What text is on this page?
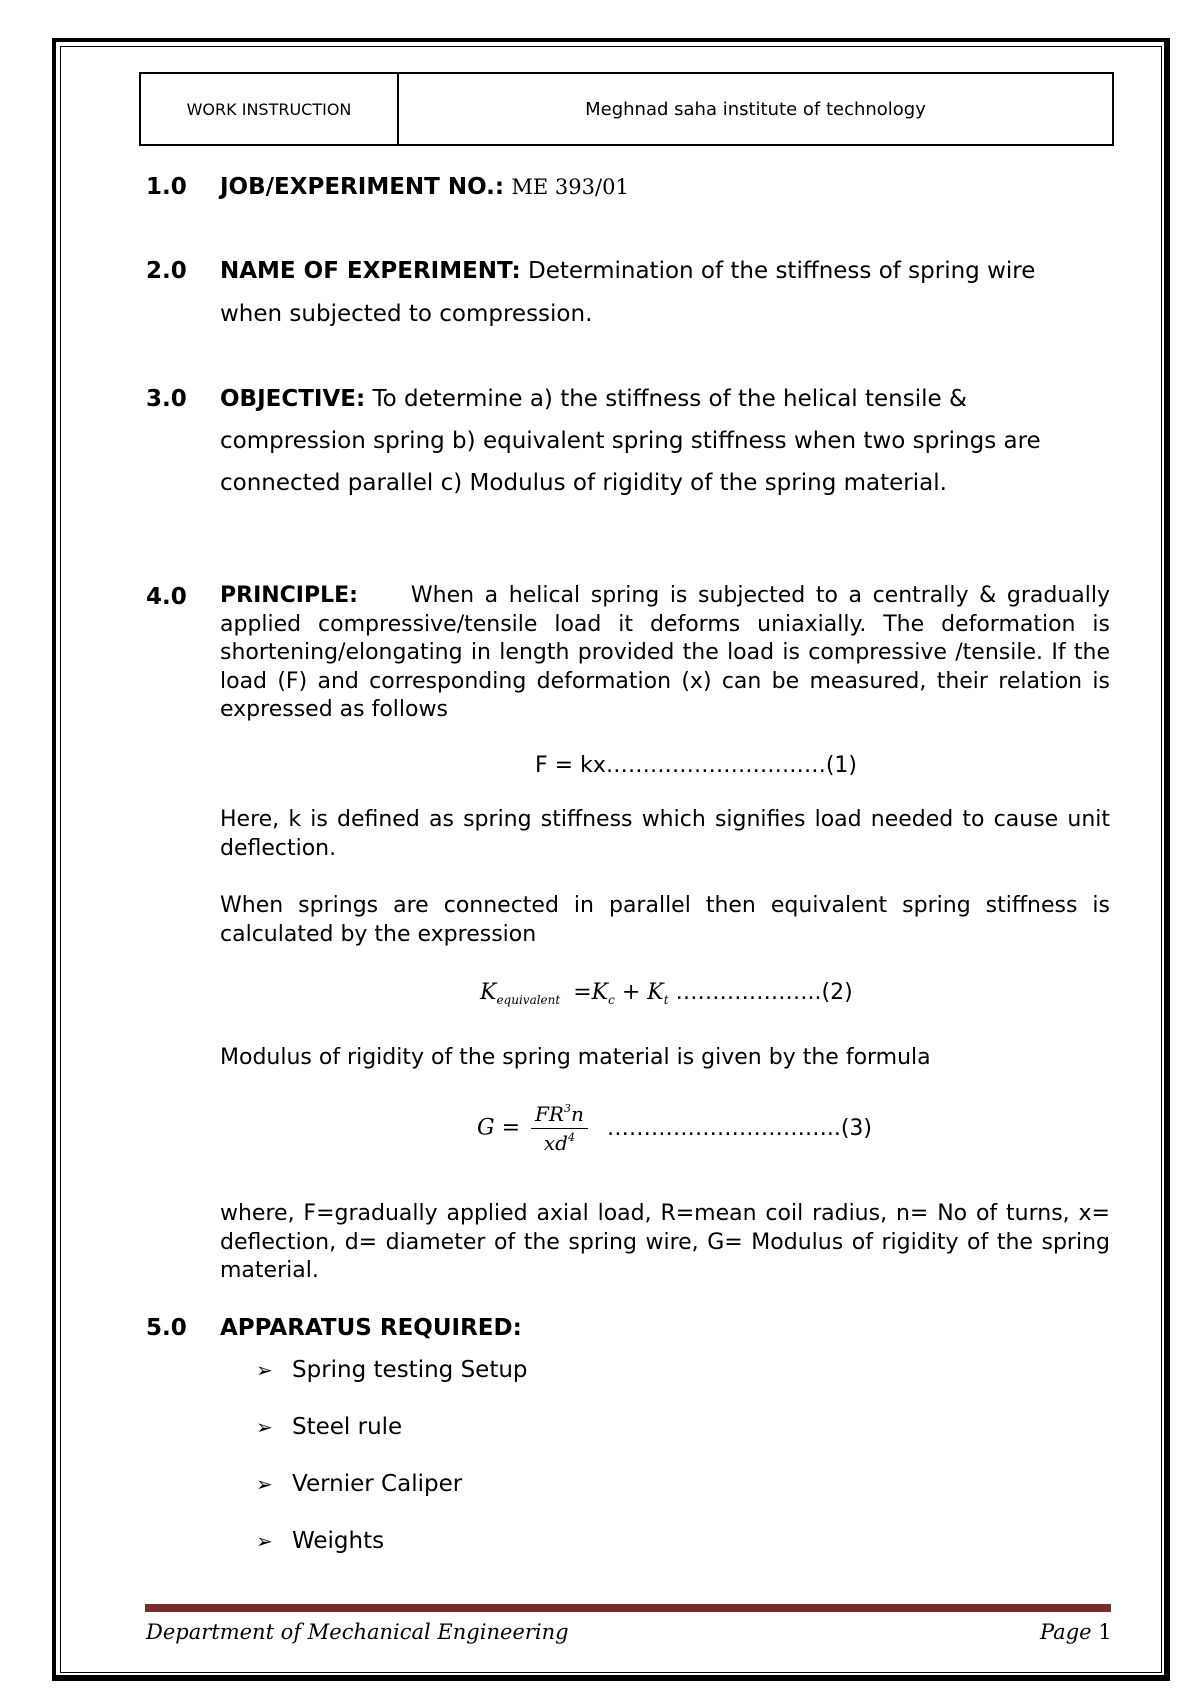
WORK INSTRUCTION	Meghnad saha institute of technology
1.0 JOB/EXPERIMENT NO.: ME 393/01
2.0 NAME OF EXPERIMENT: Determination of the stiffness of spring wire
when subjected to compression.
3.0 OBJECTIVE: To determine a) the stiffness of the helical tensile &
compression spring b) equivalent spring stiffness when two springs are
connected parallel c) Modulus of rigidity of the spring material.
4.0 PRINCIPLE: When a helical spring is subjected to a centrally & gradually applied compressive/tensile load it deforms uniaxially. The deformation is shortening/elongating in length provided the load is compressive /tensile. If the load (F) and corresponding deformation (x) can be measured, their relation is expressed as follows
F = kx…………………………(1)
Here, k is defined as spring stiffness which signifies load needed to cause unit deflection.
When springs are connected in parallel then equivalent spring stiffness is calculated by the expression
$K_{equivalent} =K_c + K_t$ ………………..(2)
Modulus of rigidity of the spring material is given by the formula
$G = \frac{FR^3n}{xd^4}$ …………………………..(3)
where, F=gradually applied axial load, R=mean coil radius, n= No of turns, x= deflection, d= diameter of the spring wire, G= Modulus of rigidity of the spring material.
5.0 APPARATUS REQUIRED:
➢ Spring testing Setup
➢ Steel rule
➢ Vernier Caliper
➢ Weights
Department of Mechanical Engineering	Page 1
